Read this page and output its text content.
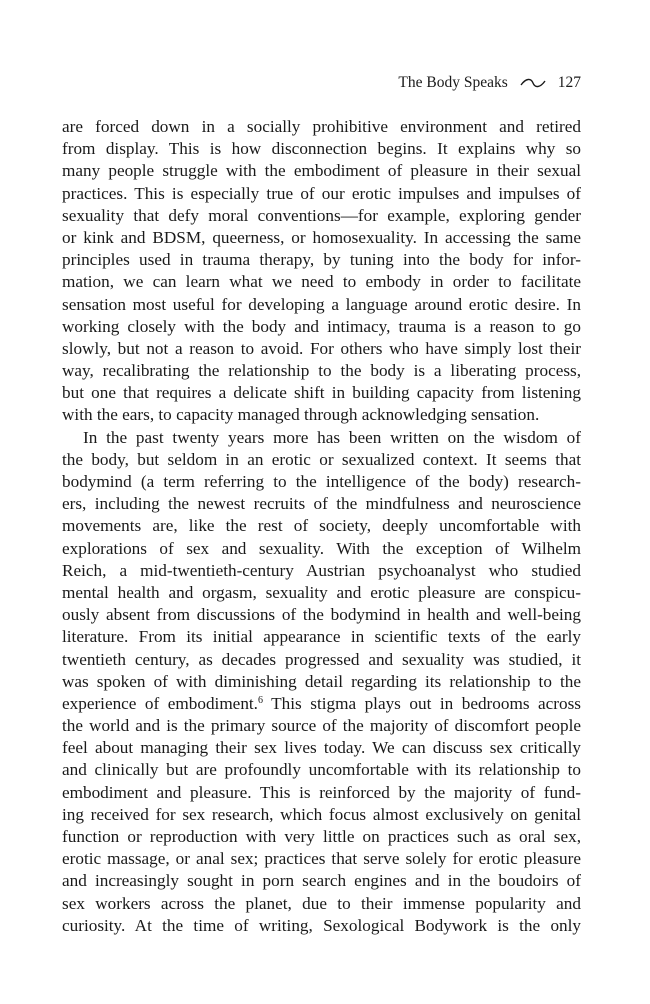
The Body Speaks	127
are forced down in a socially prohibitive environment and retired
from display. This is how disconnection begins. It explains why so
many people struggle with the embodiment of pleasure in their sexual
practices. This is especially true of our erotic impulses and impulses of
sexuality that defy moral conventions—for example, exploring gender
or kink and BDSM, queerness, or homosexuality. In accessing the same
principles used in trauma therapy, by tuning into the body for infor-
mation, we can learn what we need to embody in order to facilitate
sensation most useful for developing a language around erotic desire. In
working closely with the body and intimacy, trauma is a reason to go
slowly, but not a reason to avoid. For others who have simply lost their
way, recalibrating the relationship to the body is a liberating process,
but one that requires a delicate shift in building capacity from listening
with the ears, to capacity managed through acknowledging sensation.
In the past twenty years more has been written on the wisdom of
the body, but seldom in an erotic or sexualized context. It seems that
bodymind (a term referring to the intelligence of the body) research-
ers, including the newest recruits of the mindfulness and neuroscience
movements are, like the rest of society, deeply uncomfortable with
explorations of sex and sexuality. With the exception of Wilhelm
Reich, a mid-twentieth-century Austrian psychoanalyst who studied
mental health and orgasm, sexuality and erotic pleasure are conspicu-
ously absent from discussions of the bodymind in health and well-being
literature. From its initial appearance in scientific texts of the early
twentieth century, as decades progressed and sexuality was studied, it
was spoken of with diminishing detail regarding its relationship to the
experience of embodiment.$^6$ This stigma plays out in bedrooms across
the world and is the primary source of the majority of discomfort people
feel about managing their sex lives today. We can discuss sex critically
and clinically but are profoundly uncomfortable with its relationship to
embodiment and pleasure. This is reinforced by the majority of fund-
ing received for sex research, which focus almost exclusively on genital
function or reproduction with very little on practices such as oral sex,
erotic massage, or anal sex; practices that serve solely for erotic pleasure
and increasingly sought in porn search engines and in the boudoirs of
sex workers across the planet, due to their immense popularity and
curiosity. At the time of writing, Sexological Bodywork is the only
